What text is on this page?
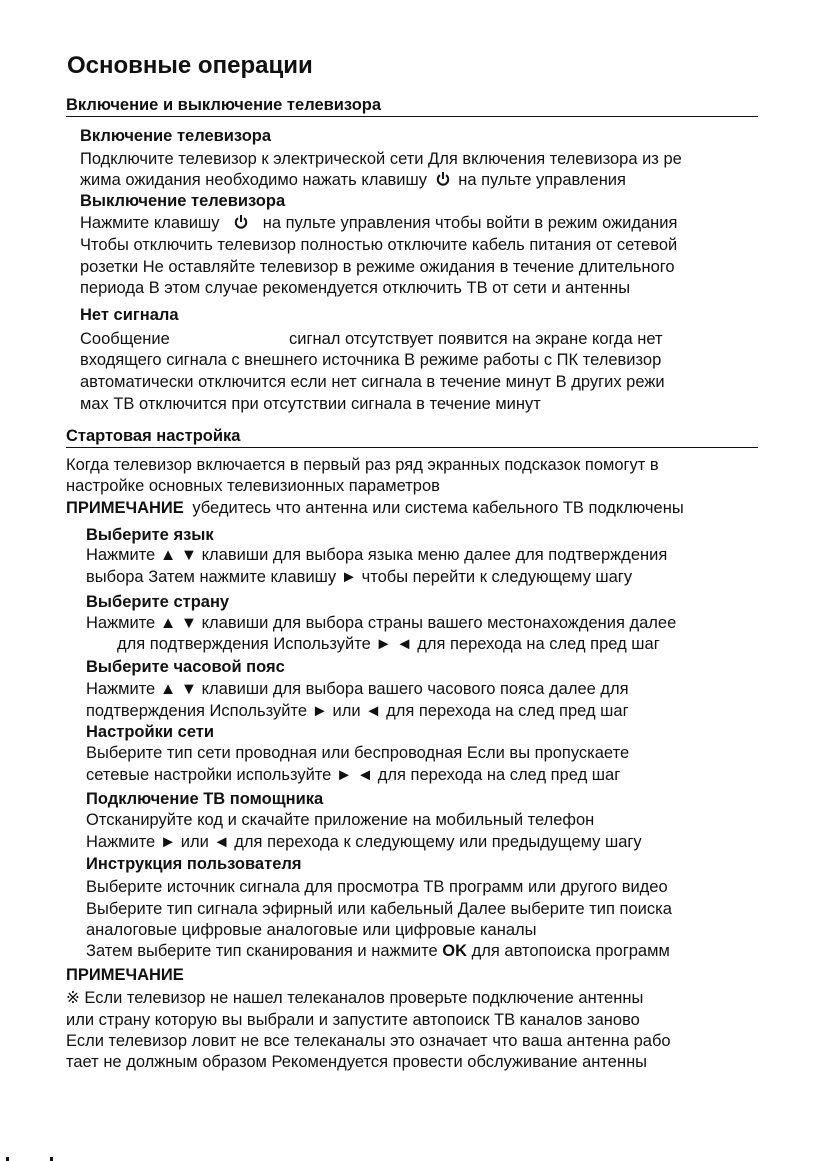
Основные операции
Включение и выключение телевизора
Включение телевизора
Подключите телевизор к электрической сети Для включения телевизора из ре
жима ожидания необходимо нажать клавишу на пульте управления
Выключение телевизора
Нажмите клавишу	на пульте управления чтобы войти в режим ожидания
Чтобы отключить телевизор полностью отключите кабель питания от сетевой
розетки Не оставляйте телевизор в режиме ожидания в течение длительного
периода В этом случае рекомендуется отключить ТВ от сети и антенны
Нет сигнала
Сообщение	сигнал отсутствует появится на экране когда нет
входящего сигнала с внешнего источника В режиме работы с ПК телевизор
автоматически отключится если нет сигнала в течение минут В других режи
мах ТВ отключится при отсутствии сигнала в течение минут
Стартовая настройка
Когда телевизор включается в первый раз ряд экранных подсказок помогут в
настройке основных телевизионных параметров
ПРИМЕЧАНИЕ убедитесь что антенна или система кабельного ТВ подключены
Выберите язык
Нажмите ▲ ▼ клавиши для выбора языка меню далее для подтверждения
выбора Затем нажмите клавишу ► чтобы перейти к следующему шагу
Выберите страну
Нажмите ▲ ▼ клавиши для выбора страны вашего местонахождения далее
для подтверждения Используйте ► ◄ для перехода на след пред шаг
Выберите часовой пояс
Нажмите ▲ ▼ клавиши для выбора вашего часового пояса далее для
подтверждения Используйте ► или ◄ для перехода на след пред шаг
Настройки сети
Выберите тип сети проводная или беспроводная Если вы пропускаете
сетевые настройки используйте ► ◄ для перехода на след пред шаг
Подключение ТВ помощника
Отсканируйте код и скачайте приложение на мобильный телефон
Нажмите ► или ◄ для перехода к следующему или предыдущему шагу
Инструкция пользователя
Выберите источник сигнала для просмотра ТВ программ или другого видео
Выберите тип сигнала эфирный или кабельный Далее выберите тип поиска
аналоговые цифровые аналоговые или цифровые каналы
Затем выберите тип сканирования и нажмите OK для автопоиска программ
ПРИМЕЧАНИЕ
※ Если телевизор не нашел телеканалов проверьте подключение антенны
или страну которую вы выбрали и запустите автопоиск ТВ каналов заново
Если телевизор ловит не все телеканалы это означает что ваша антенна рабо
тает не должным образом Рекомендуется провести обслуживание антенны
